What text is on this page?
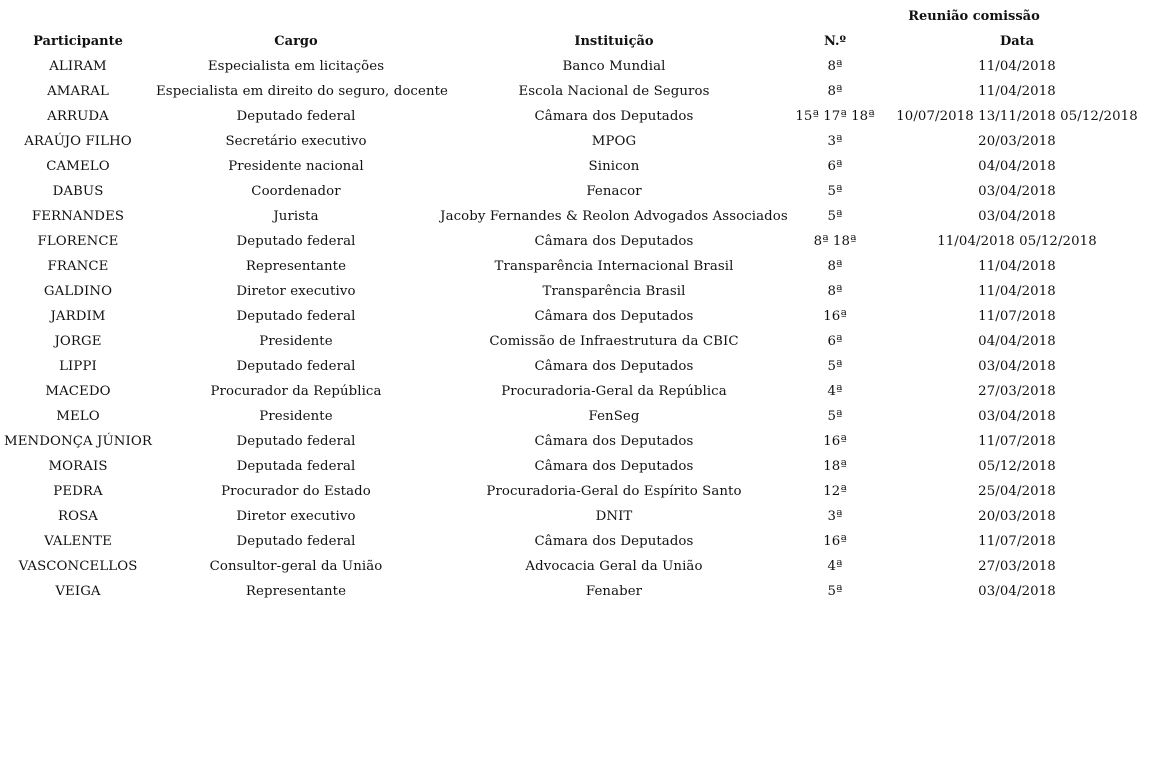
			Reunião comissão	
Participante	Cargo	Instituição	N.º	Data
ALIRAM	Especialista em licitações	Banco Mundial	8ª	11/04/2018
AMARAL	Especialista em direito do seguro, docente	Escola Nacional de Seguros	8ª	11/04/2018
ARRUDA	Deputado federal	Câmara dos Deputados	15ª 17ª 18ª	10/07/2018 13/11/2018 05/12/2018
ARAÚJO FILHO	Secretário executivo	MPOG	3ª	20/03/2018
CAMELO	Presidente nacional	Sinicon	6ª	04/04/2018
DABUS	Coordenador	Fenacor	5ª	03/04/2018
FERNANDES	Jurista	Jacoby Fernandes & Reolon Advogados Associados	5ª	03/04/2018
FLORENCE	Deputado federal	Câmara dos Deputados	8ª 18ª	11/04/2018 05/12/2018
FRANCE	Representante	Transparência Internacional Brasil	8ª	11/04/2018
GALDINO	Diretor executivo	Transparência Brasil	8ª	11/04/2018
JARDIM	Deputado federal	Câmara dos Deputados	16ª	11/07/2018
JORGE	Presidente	Comissão de Infraestrutura da CBIC	6ª	04/04/2018
LIPPI	Deputado federal	Câmara dos Deputados	5ª	03/04/2018
MACEDO	Procurador da República	Procuradoria-Geral da República	4ª	27/03/2018
MELO	Presidente	FenSeg	5ª	03/04/2018
MENDONÇA JÚNIOR	Deputado federal	Câmara dos Deputados	16ª	11/07/2018
MORAIS	Deputada federal	Câmara dos Deputados	18ª	05/12/2018
PEDRA	Procurador do Estado	Procuradoria-Geral do Espírito Santo	12ª	25/04/2018
ROSA	Diretor executivo	DNIT	3ª	20/03/2018
VALENTE	Deputado federal	Câmara dos Deputados	16ª	11/07/2018
VASCONCELLOS	Consultor-geral da União	Advocacia Geral da União	4ª	27/03/2018
VEIGA	Representante	Fenaber	5ª	03/04/2018
